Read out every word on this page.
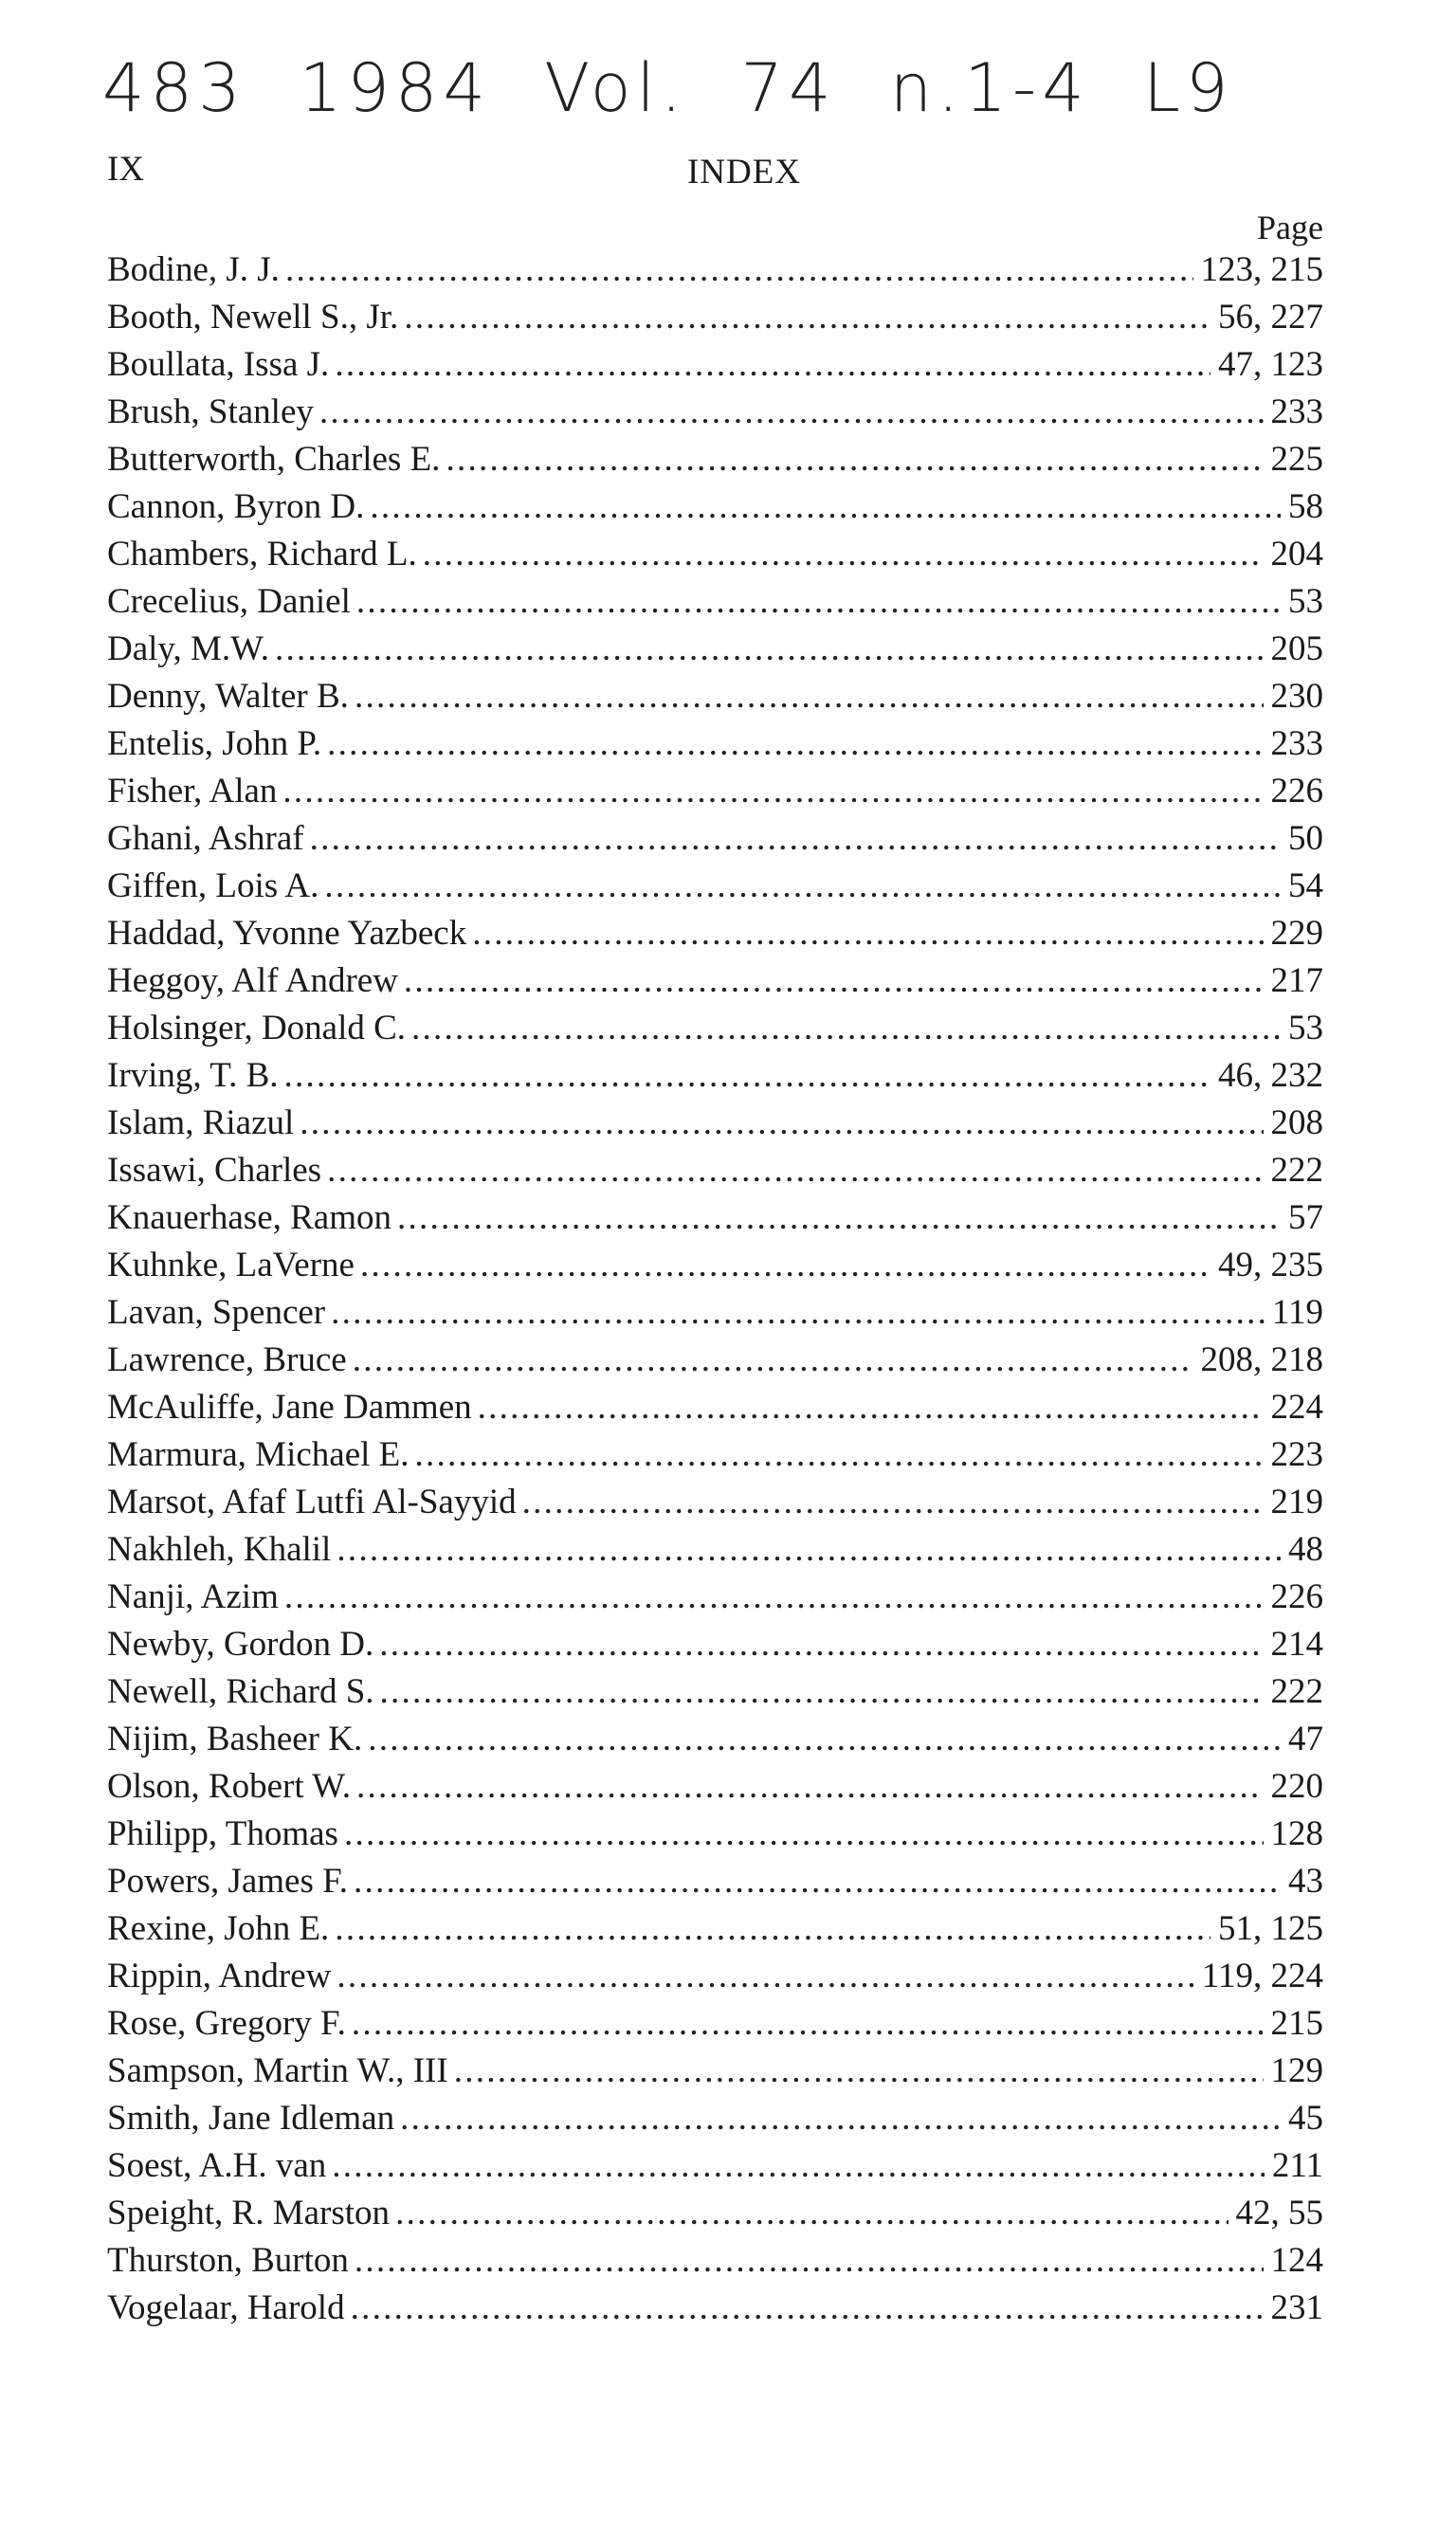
483 1984 Vol. 74 n.1-4 L9
IX	INDEX
Page
Bodine, J. J. . . .	123, 215
Booth, Newell S., Jr. . . .	56, 227
Boullata, Issa J. . . .	47, 123
Brush, Stanley . . .	233
Butterworth, Charles E. . . .	225
Cannon, Byron D. . . .	58
Chambers, Richard L. . . .	204
Crecelius, Daniel . . .	53
Daly, M.W. . . .	205
Denny, Walter B. . . .	230
Entelis, John P. . . .	233
Fisher, Alan . . .	226
Ghani, Ashraf . . .	50
Giffen, Lois A. . . .	54
Haddad, Yvonne Yazbeck . . .	229
Heggoy, Alf Andrew . . .	217
Holsinger, Donald C. . . .	53
Irving, T. B. . . .	46, 232
Islam, Riazul . . .	208
Issawi, Charles . . .	222
Knauerhase, Ramon . . .	57
Kuhnke, LaVerne . . .	49, 235
Lavan, Spencer . . .	119
Lawrence, Bruce . . .	208, 218
McAuliffe, Jane Dammen . . .	224
Marmura, Michael E. . . .	223
Marsot, Afaf Lutfi Al-Sayyid . . .	219
Nakhleh, Khalil . . .	48
Nanji, Azim . . .	226
Newby, Gordon D. . . .	214
Newell, Richard S. . . .	222
Nijim, Basheer K. . . .	47
Olson, Robert W. . . .	220
Philipp, Thomas . . .	128
Powers, James F. . . .	43
Rexine, John E. . . .	51, 125
Rippin, Andrew . . .	119, 224
Rose, Gregory F. . . .	215
Sampson, Martin W., III . . .	129
Smith, Jane Idleman . . .	45
Soest, A.H. van . . .	211
Speight, R. Marston . . .	42, 55
Thurston, Burton . . .	124
Vogelaar, Harold . . .	231
